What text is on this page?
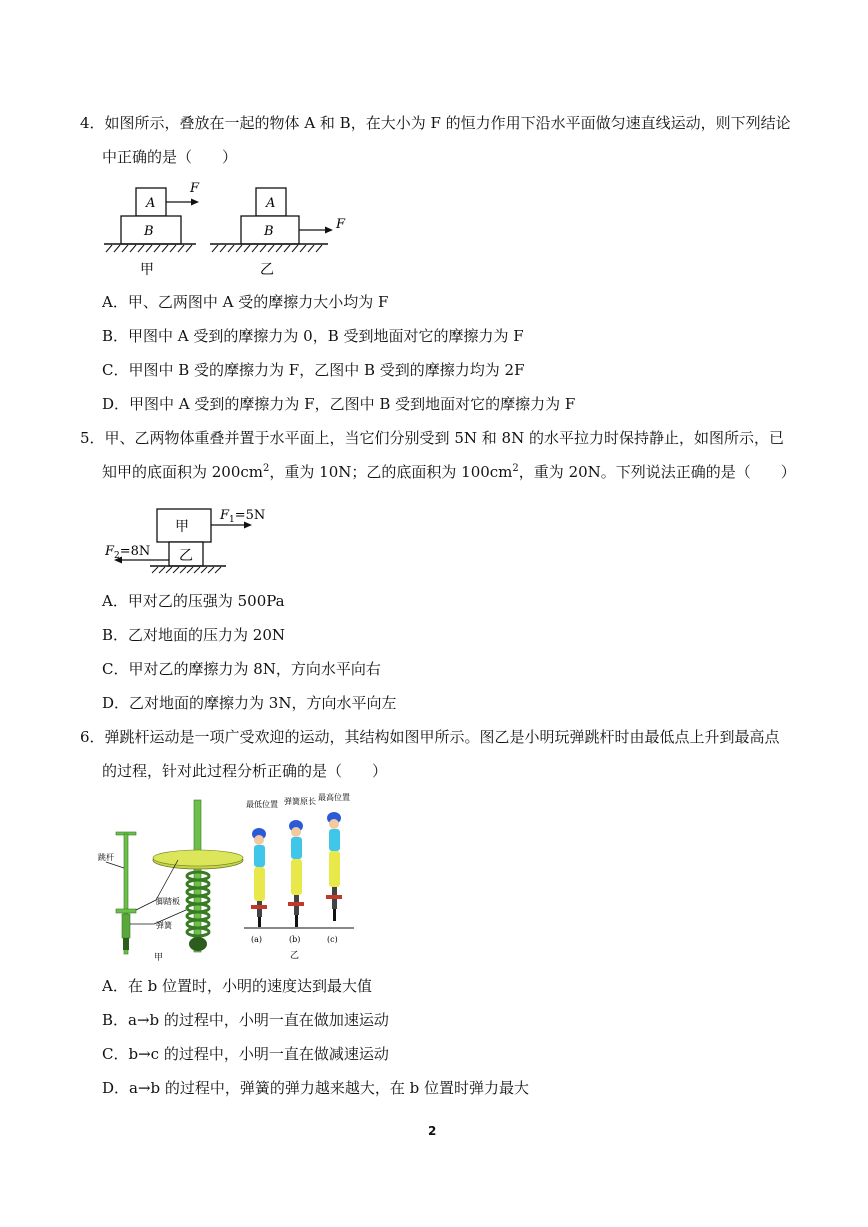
4．如图所示，叠放在一起的物体 A 和 B，在大小为 F 的恒力作用下沿水平面做匀速直线运动，则下列结论
中正确的是（　　）
A
B
F
甲
A
B	F
乙
A．甲、乙两图中 A 受的摩擦力大小均为 F
B．甲图中 A 受到的摩擦力为 0，B 受到地面对它的摩擦力为 F
C．甲图中 B 受的摩擦力为 F，乙图中 B 受到的摩擦力均为 2F
D．甲图中 A 受到的摩擦力为 F，乙图中 B 受到地面对它的摩擦力为 F
5．甲、乙两物体重叠并置于水平面上，当它们分别受到 5N 和 8N 的水平拉力时保持静止，如图所示，已
知甲的底面积为 $200cm^2$，重为 10N；乙的底面积为 $100cm^2$，重为 20N。下列说法正确的是（　　）
甲
乙
$F_1=5N$
$F_2=8N$
A．甲对乙的压强为 500Pa
B．乙对地面的压力为 20N
C．甲对乙的摩擦力为 8N，方向水平向右
D．乙对地面的摩擦力为 3N，方向水平向左
6．弹跳杆运动是一项广受欢迎的运动，其结构如图甲所示。图乙是小明玩弹跳杆时由最低点上升到最高点
的过程，针对此过程分析正确的是（　　）
跳杆
脚踏板
弹簧
甲
最低位置 弹簧原长 最高位置
(a)	(b)	(c)
乙
A．在 b 位置时，小明的速度达到最大值
B．a→b 的过程中，小明一直在做加速运动
C．b→c 的过程中，小明一直在做减速运动
D．a→b 的过程中，弹簧的弹力越来越大，在 b 位置时弹力最大
2
